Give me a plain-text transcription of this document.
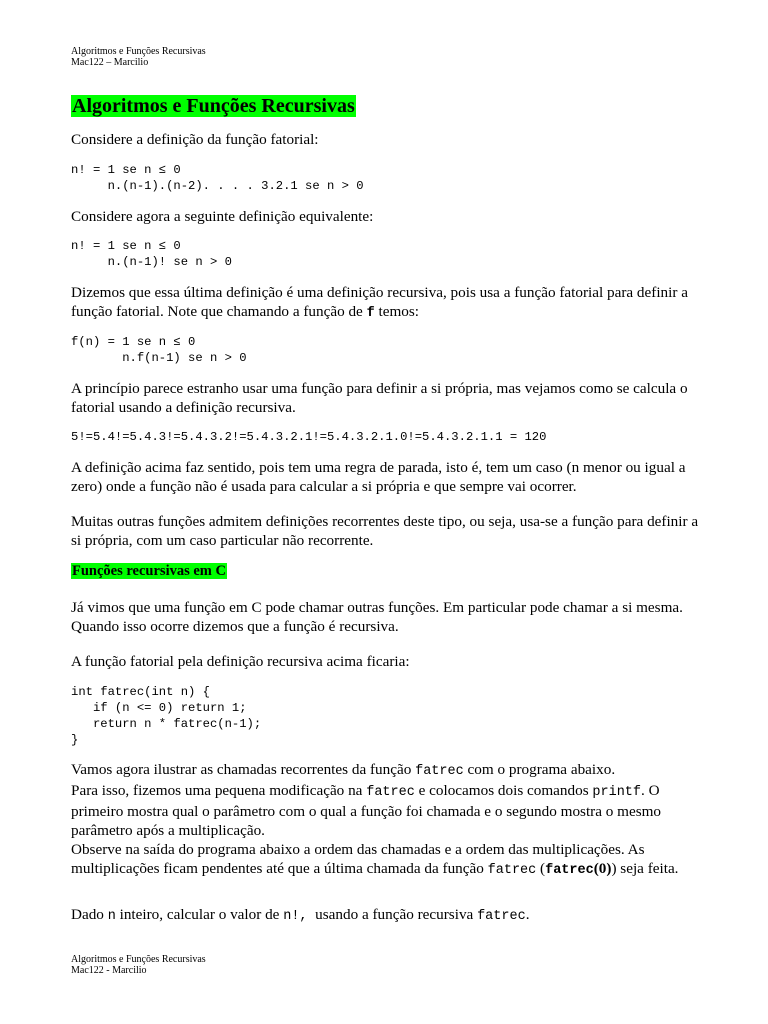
Algoritmos e Funções Recursivas
Mac122 – Marcilio
Algoritmos e Funções Recursivas

Considere a definição da função fatorial:

n! = 1 se n ≤ 0
n.(n-1).(n-2). . . . 3.2.1 se n > 0

Considere agora a seguinte definição equivalente:

n! = 1 se n ≤ 0
n.(n-1)! se n > 0

Dizemos que essa última definição é uma definição recursiva, pois usa a função fatorial para definir a função fatorial. Note que chamando a função de f temos:

f(n) = 1 se n ≤ 0
n.f(n-1) se n > 0

A princípio parece estranho usar uma função para definir a si própria, mas vejamos como se calcula o fatorial usando a definição recursiva.

5!=5.4!=5.4.3!=5.4.3.2!=5.4.3.2.1!=5.4.3.2.1.0!=5.4.3.2.1.1 = 120

A definição acima faz sentido, pois tem uma regra de parada, isto é, tem um caso (n menor ou igual a zero) onde a função não é usada para calcular a si própria e que sempre vai ocorrer.

Muitas outras funções admitem definições recorrentes deste tipo, ou seja, usa-se a função para definir a si própria, com um caso particular não recorrente.

Funções recursivas em C

Já vimos que uma função em C pode chamar outras funções. Em particular pode chamar a si mesma. Quando isso ocorre dizemos que a função é recursiva.

A função fatorial pela definição recursiva acima ficaria:

int fatrec(int n) {
if (n <= 0) return 1;
return n * fatrec(n-1);
}
Vamos agora ilustrar as chamadas recorrentes da função fatrec com o programa abaixo.
Para isso, fizemos uma pequena modificação na fatrec e colocamos dois comandos printf. O primeiro mostra qual o parâmetro com o qual a função foi chamada e o segundo mostra o mesmo parâmetro após a multiplicação.
Observe na saída do programa abaixo a ordem das chamadas e a ordem das multiplicações. As multiplicações ficam pendentes até que a última chamada da função fatrec (fatrec(0)) seja feita.

Dado n inteiro, calcular o valor de n!,  usando a função recursiva fatrec.

Algoritmos e Funções Recursivas
Mac122 - Marcilio
